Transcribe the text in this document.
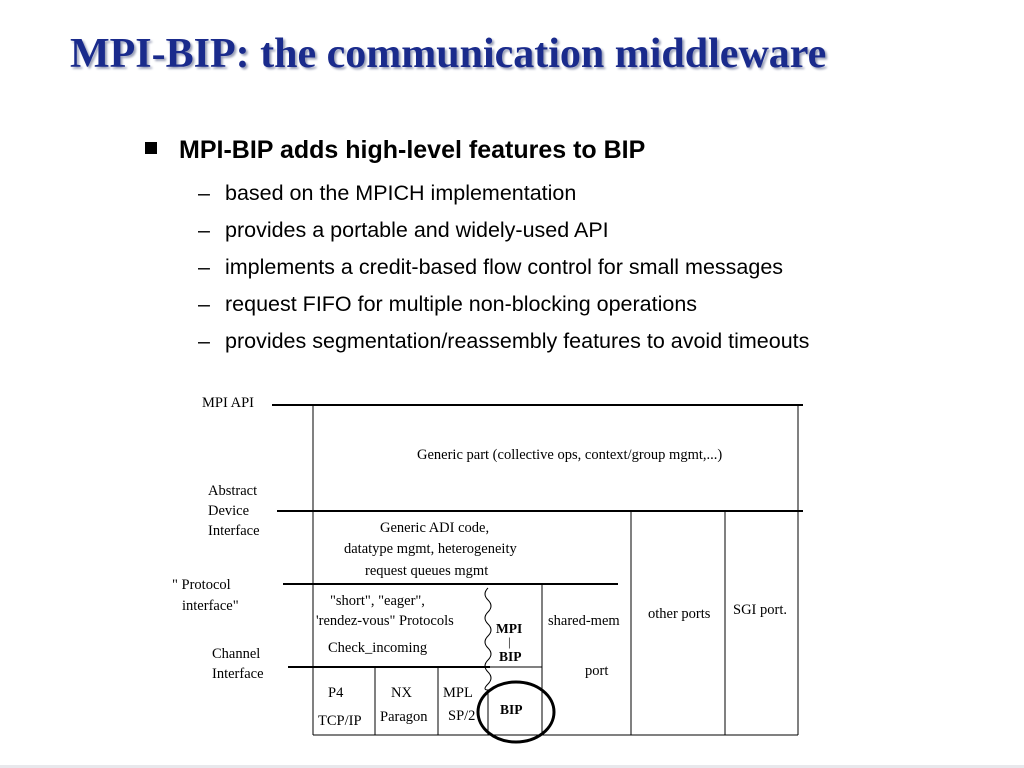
MPI-BIP: the communication middleware
MPI-BIP adds high-level features to BIP
– based on the MPICH implementation
– provides a portable and widely-used API
– implements a credit-based flow control for small messages
– request FIFO for multiple non-blocking operations
– provides segmentation/reassembly features to avoid timeouts
MPI API
Abstract
Device
Interface
" Protocol
interface"
Channel
Interface
Generic part (collective ops, context/group mgmt,...)
Generic ADI code,
datatype mgmt, heterogeneity
request queues mgmt
"short", "eager",
'rendez-vous" Protocols
Check_incoming
MPI
|
BIP
shared-mem
port
other ports SGI port.
P4
TCP/IP
NX
Paragon
MPL
SP/2 BIP
